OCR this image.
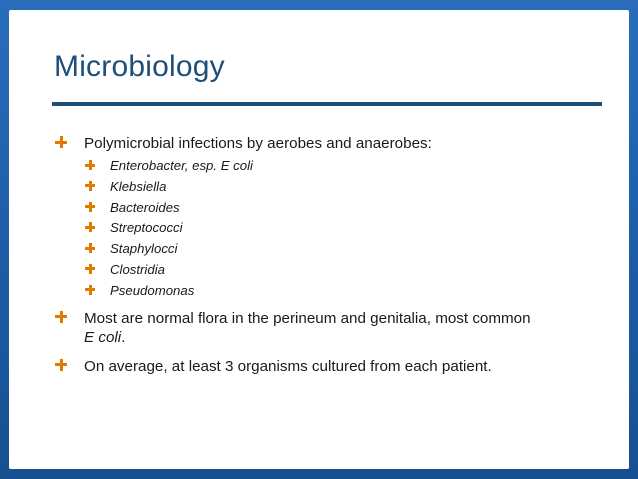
Microbiology
Polymicrobial infections by aerobes and anaerobes:
Enterobacter, esp. E coli
Klebsiella
Bacteroides
Streptococci
Staphylocci
Clostridia
Pseudomonas
Most are normal flora in the perineum and genitalia, most common
E coli.
On average, at least 3 organisms cultured from each patient.
